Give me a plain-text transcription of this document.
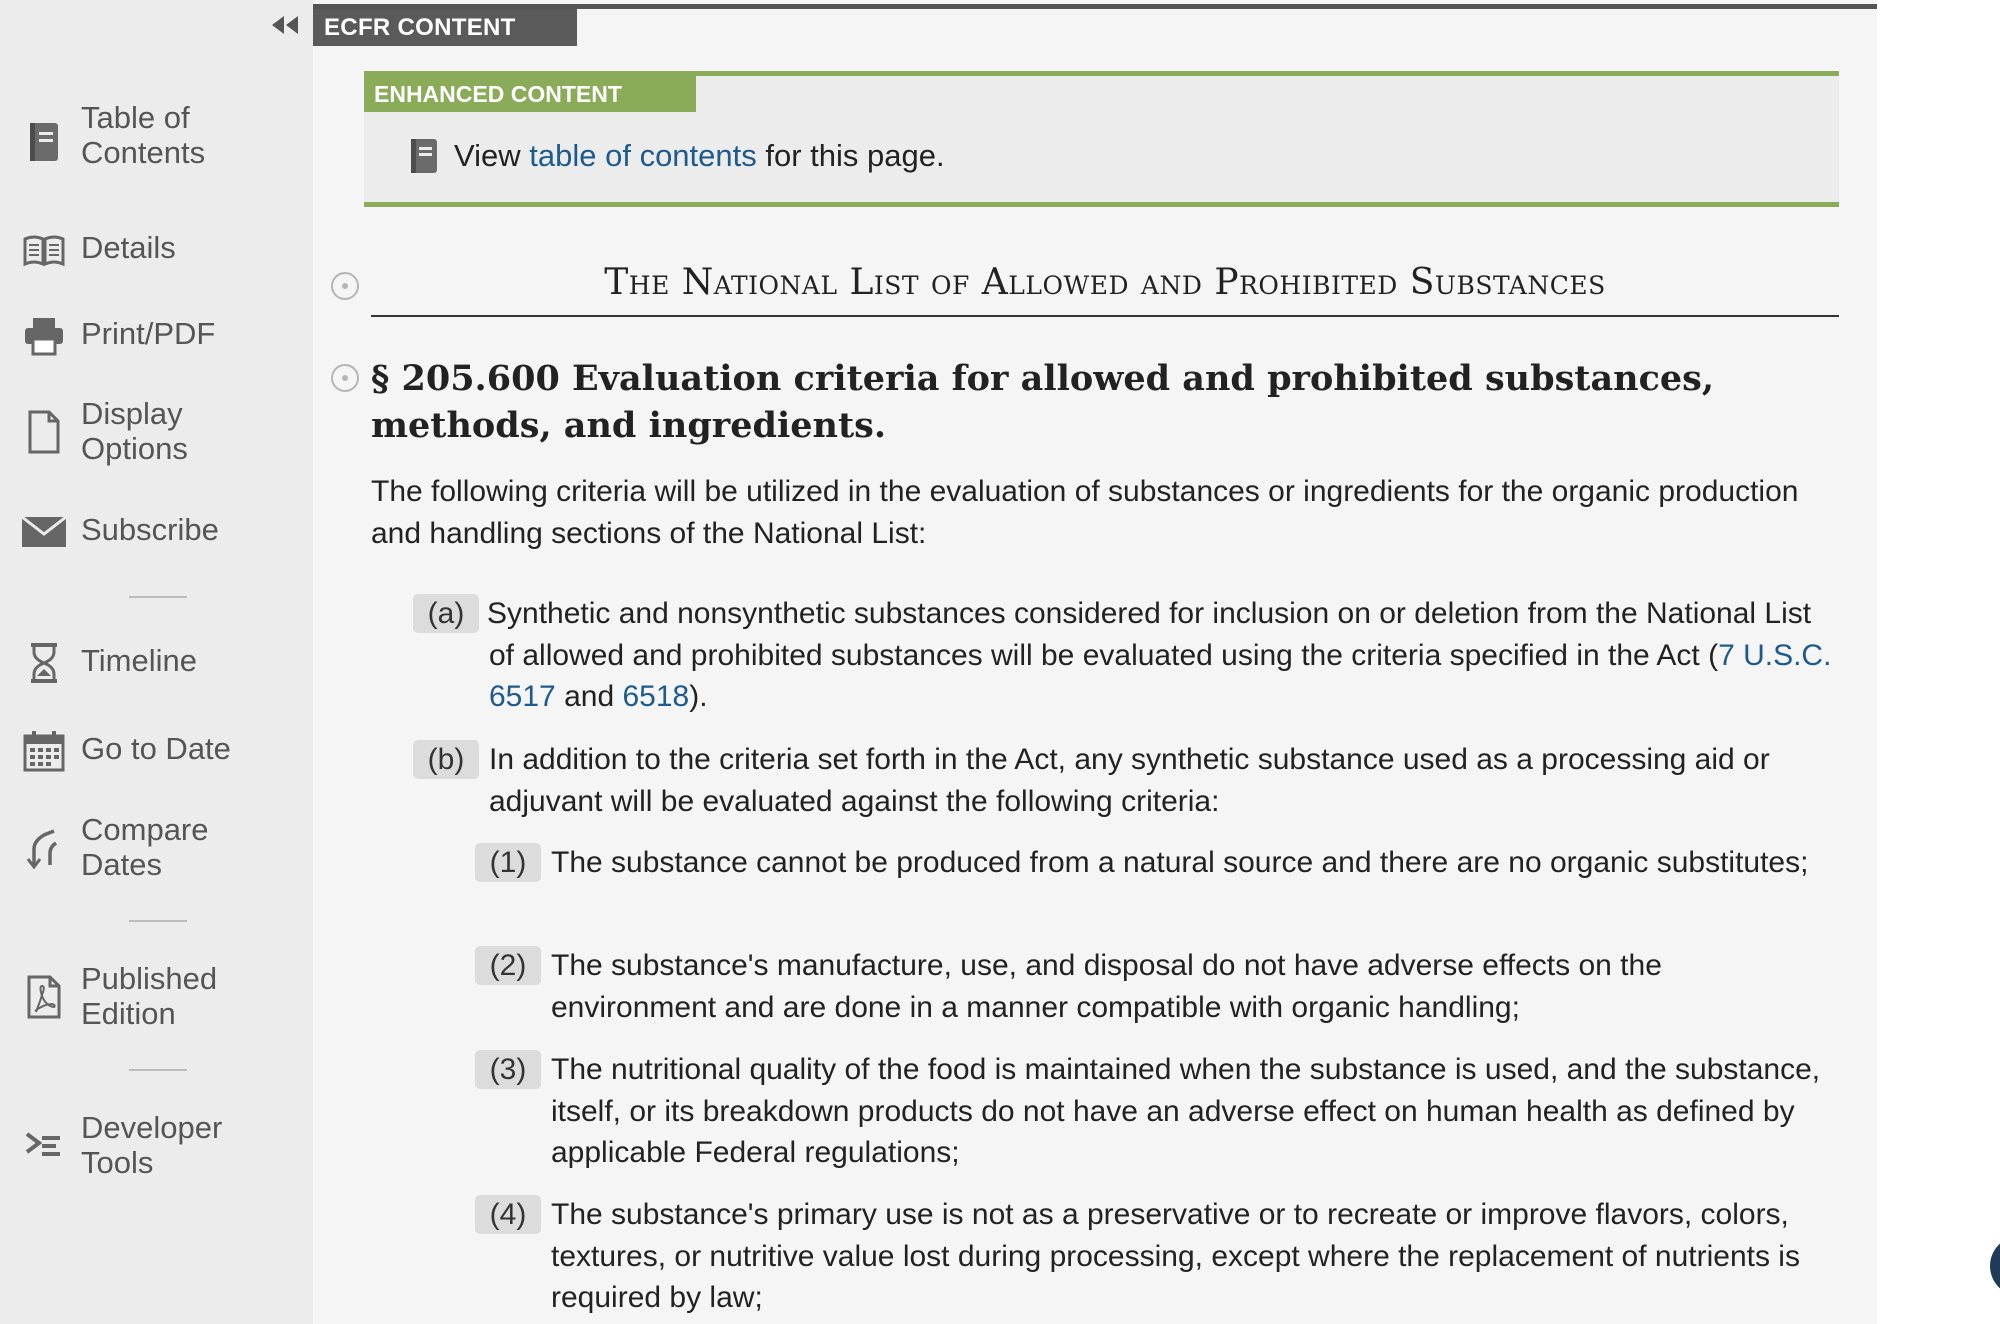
Table of
Contents
Details
Print/PDF
Display
Options
Subscribe
Timeline
Go to Date
Compare
Dates
Published
Edition
Developer
Tools
ECFR CONTENT
ENHANCED CONTENT
View
table of contents
for this page.
The National List of Allowed and Prohibited Substances
§ 205.600 Evaluation criteria for allowed and prohibited substances, methods, and ingredients.
The following criteria will be utilized in the evaluation of substances or ingredients for the organic production and handling sections of the National List:
(a) Synthetic and nonsynthetic substances considered for inclusion on or deletion from the National List of allowed and prohibited substances will be evaluated using the criteria specified in the Act (7 U.S.C. 6517 and 6518).
(b) In addition to the criteria set forth in the Act, any synthetic substance used as a processing aid or adjuvant will be evaluated against the following criteria:
(1) The substance cannot be produced from a natural source and there are no organic substitutes;
(2) The substance's manufacture, use, and disposal do not have adverse effects on the environment and are done in a manner compatible with organic handling;
(3) The nutritional quality of the food is maintained when the substance is used, and the substance, itself, or its breakdown products do not have an adverse effect on human health as defined by applicable Federal regulations;
(4) The substance's primary use is not as a preservative or to recreate or improve flavors, colors, textures, or nutritive value lost during processing, except where the replacement of nutrients is required by law;
